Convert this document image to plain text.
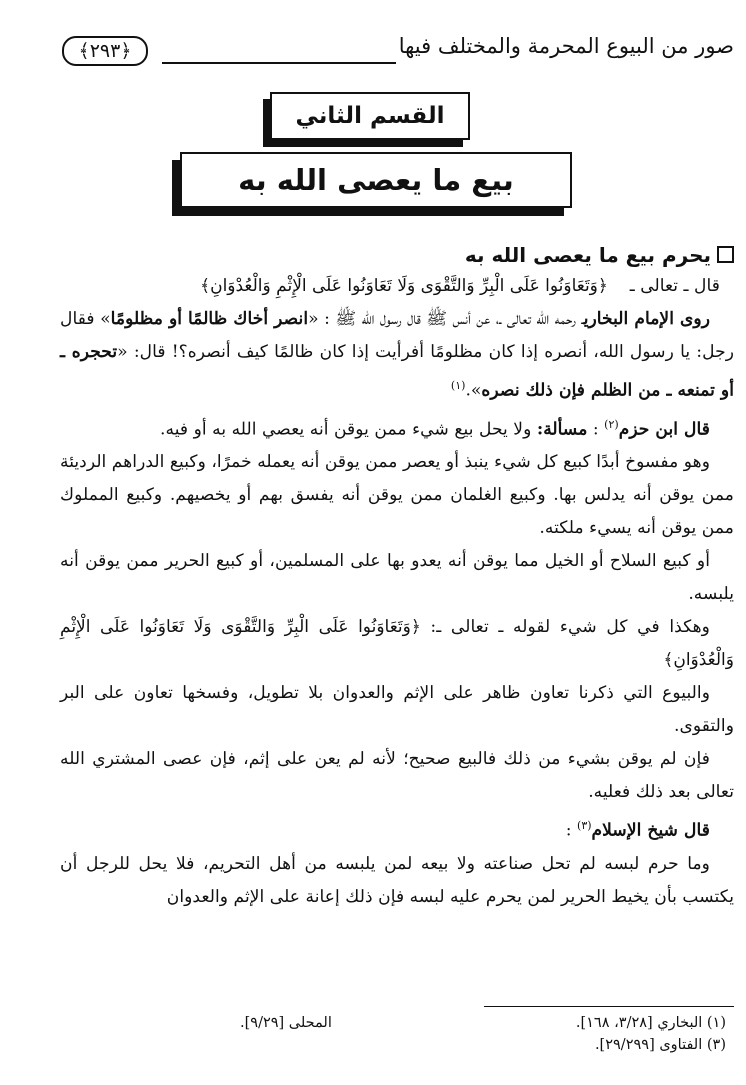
صور من البيوع المحرمة والمختلف فيها
﴿٢٩٣﴾
القسم الثاني
بيع ما يعصى الله به

يحرم بيع ما يعصى الله به

قال ـ تعالى ـ    ﴿وَتَعَاوَنُوا عَلَى الْبِرِّ وَالتَّقْوَى وَلَا تَعَاوَنُوا عَلَى الْإِثْمِ وَالْعُدْوَانِ﴾

روى الإمام البخاريـ رحمه الله تعالى ـ، عن أنس ﷺ قال رسول الله ﷺ : «انصر أخاك ظالمًا أو مظلومًا» فقال رجل: يا رسول الله، أنصره إذا كان مظلومًا أفرأيت إذا كان ظالمًا كيف أنصره؟! قال: «تحجره ـ أو تمنعه ـ من الظلم فإن ذلك نصره».$^{(١)}$

قال ابن حزم$^{(٢)}$ : مسألة: ولا يحل بيع شيء ممن يوقن أنه يعصي الله به أو فيه.

وهو مفسوخ أبدًا كبيع كل شيء ينبذ أو يعصر ممن يوقن أنه يعمله خمرًا، وكبيع الدراهم الرديئة ممن يوقن أنه يدلس بها. وكبيع الغلمان ممن يوقن أنه يفسق بهم أو يخصيهم. وكبيع المملوك ممن يوقن أنه يسيء ملكته.

أو كبيع السلاح أو الخيل مما يوقن أنه يعدو بها على المسلمين، أو كبيع الحرير ممن يوقن أنه يلبسه.

وهكذا في كل شيء لقوله ـ تعالى ـ: ﴿وَتَعَاوَنُوا عَلَى الْبِرِّ وَالتَّقْوَى وَلَا تَعَاوَنُوا عَلَى الْإِثْمِ وَالْعُدْوَانِ﴾

والبيوع التي ذكرنا تعاون ظاهر على الإثم والعدوان بلا تطويل، وفسخها تعاون على البر والتقوى.

فإن لم يوقن بشيء من ذلك فالبيع صحيح؛ لأنه لم يعن على إثم، فإن عصى المشتري الله تعالى بعد ذلك فعليه.

قال شيخ الإسلام$^{(٣)}$ :

وما حرم لبسه لم تحل صناعته ولا بيعه لمن يلبسه من أهل التحريم، فلا يحل للرجل أن يكتسب بأن يخيط الحرير لمن يحرم عليه لبسه فإن ذلك إعانة على الإثم والعدوان

(١) البخاري [٣/٢٨، ١٦٨].
المحلى [٩/٢٩].
(٣) الفتاوى [٢٩/٢٩٩].
